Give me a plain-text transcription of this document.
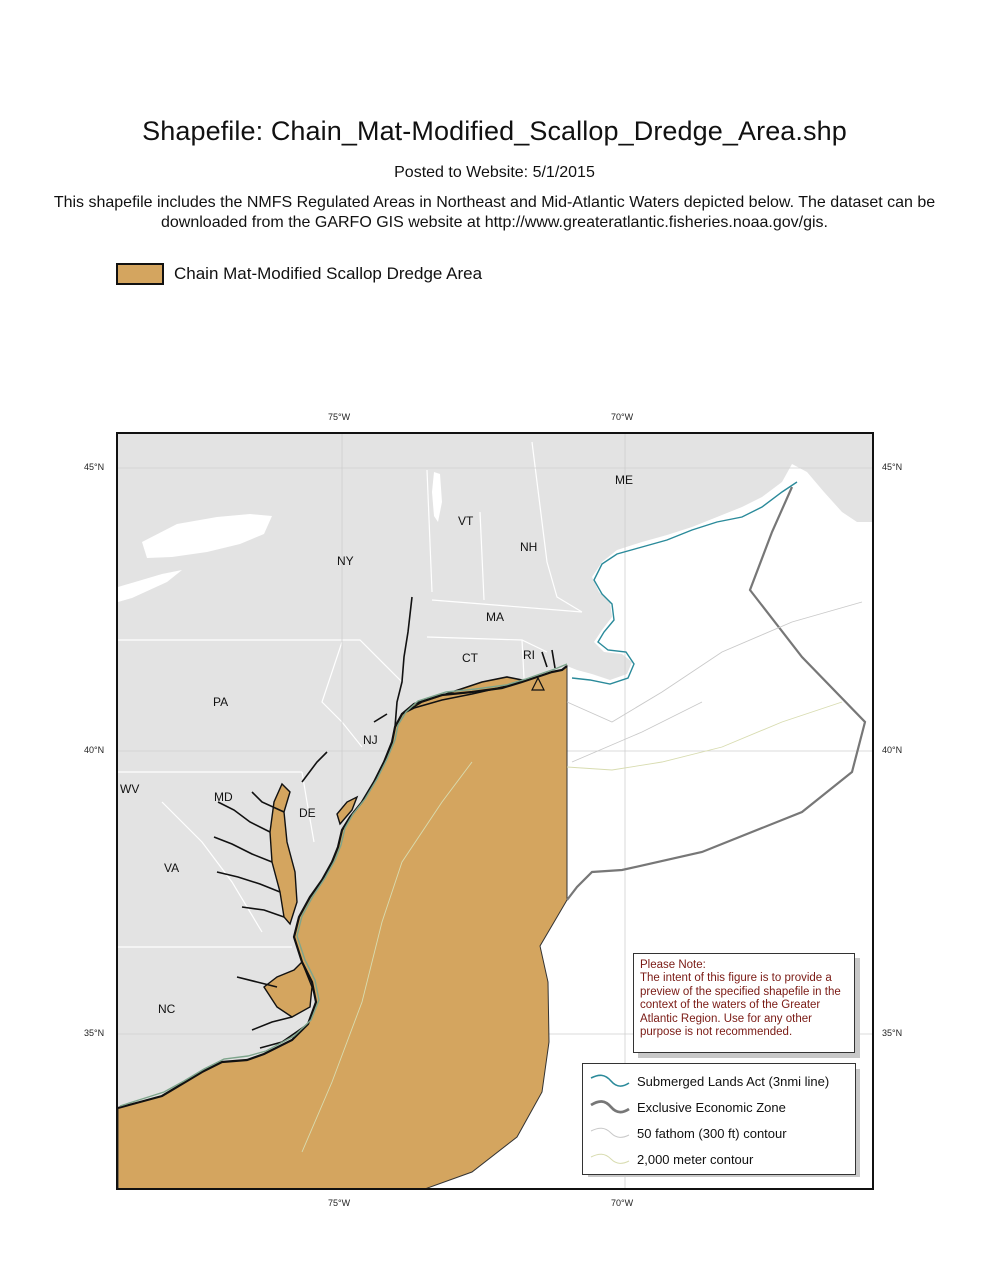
Shapefile: Chain_Mat-Modified_Scallop_Dredge_Area.shp
Posted to Website: 5/1/2015
This shapefile includes the NMFS Regulated Areas in Northeast and Mid-Atlantic Waters depicted below. The dataset can be downloaded from the GARFO GIS website at http://www.greateratlantic.fisheries.noaa.gov/gis.
Chain Mat-Modified Scallop Dredge Area
75°W	70°W
75°W	70°W
45°N
40°N
35°N
45°N
40°N
35°N
ME
VT
NH
NY
MA
CT	RI
PA
NJ
MD
DE
WV
VA
NC
Please Note:
The intent of this figure is to provide a preview of the specified shapefile in the context of the waters of the Greater Atlantic Region. Use for any other purpose is not recommended.
Submerged Lands Act (3nmi line)
Exclusive Economic Zone
50 fathom (300 ft) contour
2,000 meter contour
